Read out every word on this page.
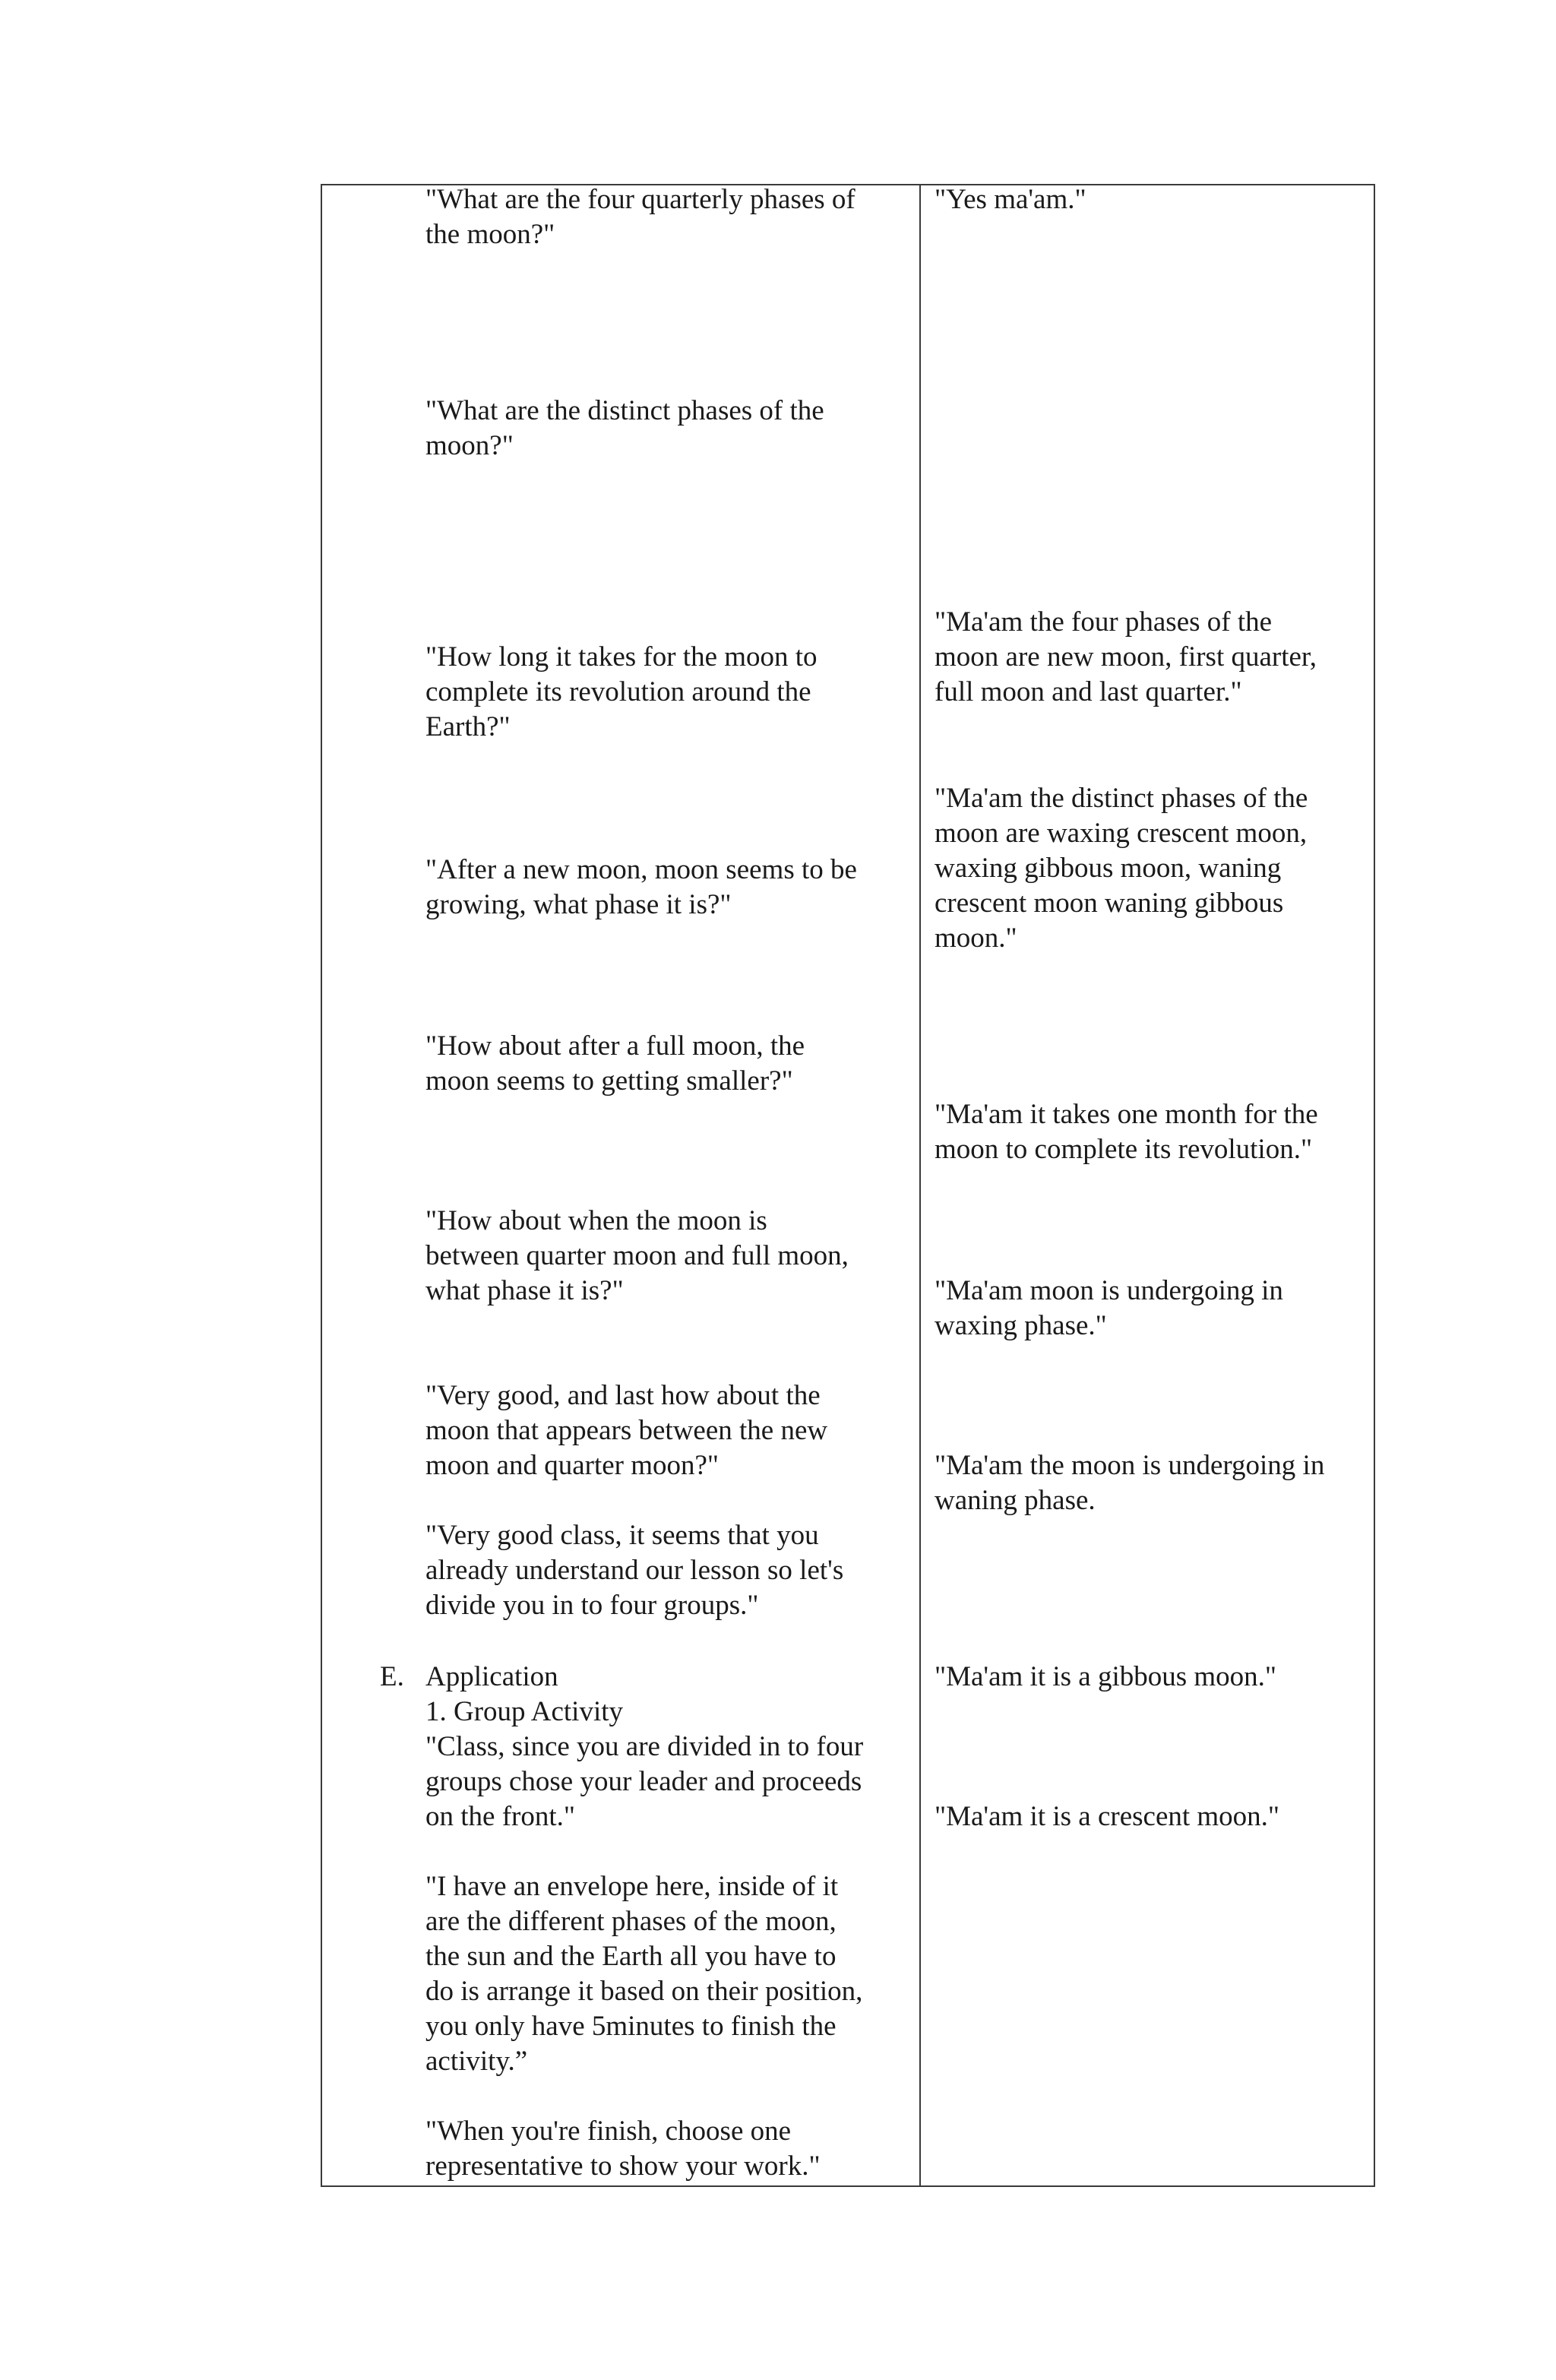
"What are the four quarterly phases of
the moon?"

"What are the distinct phases of the
moon?"

"How long it takes for the moon to
complete its revolution around the
Earth?"

"After a new moon, moon seems to be
growing, what phase it is?"

"How about after a full moon, the
moon seems to getting smaller?"

"How about when the moon is
between quarter moon and full moon,
what phase it is?"

"Very good, and last how about the
moon that appears between the new
moon and quarter moon?"

"Very good class, it seems that you
already understand our lesson so let's
divide you in to four groups."

E. Application

1. Group Activity

"Class, since you are divided in to four
groups chose your leader and proceeds
on the front."

"I have an envelope here, inside of it
are the different phases of the moon,
the sun and the Earth all you have to
do is arrange it based on their position,
you only have 5minutes to finish the
activity.”

"When you're finish, choose one
representative to show your work."

"Yes ma'am."

"Ma'am the four phases of the
moon are new moon, first quarter,
full moon and last quarter."

"Ma'am the distinct phases of the
moon are waxing crescent moon,
waxing gibbous moon, waning
crescent moon waning gibbous
moon."

"Ma'am it takes one month for the
moon to complete its revolution."

"Ma'am moon is undergoing in
waxing phase."

"Ma'am the moon is undergoing in
waning phase.

"Ma'am it is a gibbous moon."

"Ma'am it is a crescent moon."
